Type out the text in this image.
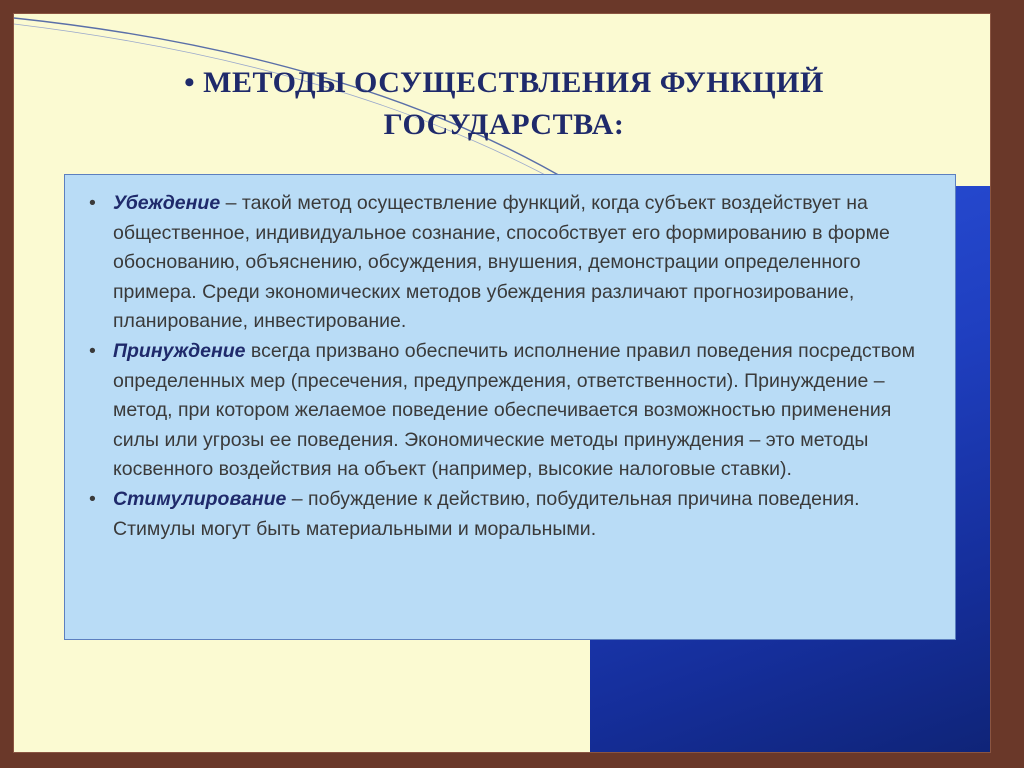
• МЕТОДЫ ОСУЩЕСТВЛЕНИЯ ФУНКЦИЙ
ГОСУДАРСТВА:
• Убеждение – такой метод осуществление функций, когда субъект воздействует на общественное, индивидуальное сознание, способствует его формированию в форме обоснованию, объяснению, обсуждения, внушения, демонстрации определенного примера. Среди экономических методов убеждения различают прогнозирование, планирование, инвестирование.
• Принуждение всегда призвано обеспечить исполнение правил поведения посредством определенных мер (пресечения, предупреждения, ответственности). Принуждение – метод, при котором желаемое поведение обеспечивается возможностью применения силы или угрозы ее поведения. Экономические методы принуждения – это методы косвенного воздействия на объект (например, высокие налоговые ставки).
• Стимулирование – побуждение к действию, побудительная причина поведения. Стимулы могут быть материальными и моральными.
